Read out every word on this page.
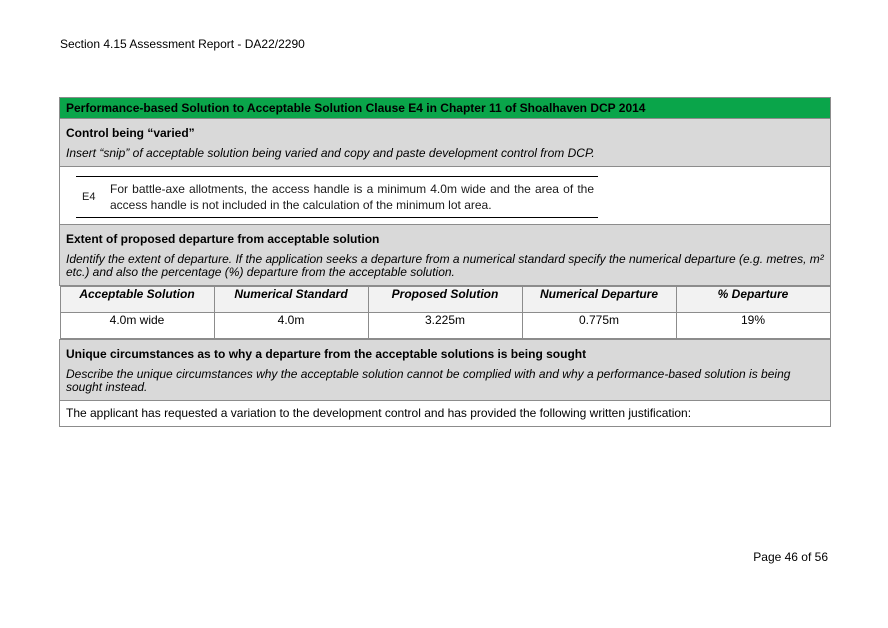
Section 4.15 Assessment Report - DA22/2290
Performance-based Solution to Acceptable Solution Clause E4 in Chapter 11 of Shoalhaven DCP 2014

Control being “varied”
Insert “snip” of acceptable solution being varied and copy and paste development control from DCP.

E4
For battle-axe allotments, the access handle is a minimum 4.0m wide and the area of the access handle is not included in the calculation of the minimum lot area.

Extent of proposed departure from acceptable solution
Identify the extent of departure. If the application seeks a departure from a numerical standard specify the numerical departure (e.g. metres, m² etc.) and also the percentage (%) departure from the acceptable solution.

Acceptable Solution	Numerical Standard	Proposed Solution	Numerical Departure	% Departure
4.0m wide	4.0m	3.225m	0.775m	19%

Unique circumstances as to why a departure from the acceptable solutions is being sought
Describe the unique circumstances why the acceptable solution cannot be complied with and why a performance-based solution is being sought instead.

The applicant has requested a variation to the development control and has provided the following written justification:
Page 46 of 56
